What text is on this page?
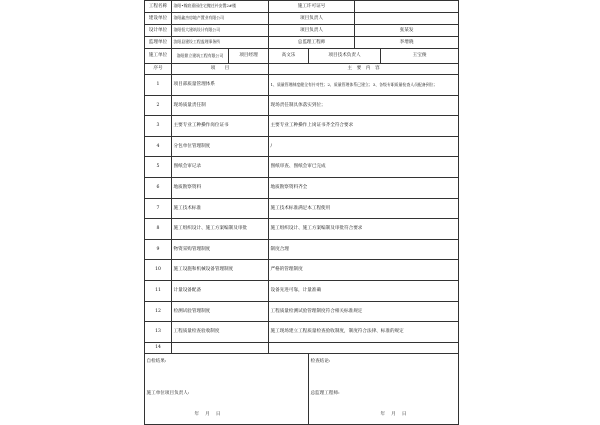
工程名称	洛阳•翰宸嘉园住宅搬迁补安置2#楼		施工许可证号			
建设单位	洛阳鑫杰房地产置业有限公司		项目负责人			
设计单位	洛阳恒大建筑设计有限公司		项目负责人		张某发	
监理单位	汝阳县建设工程监理事务所		总监理工程师		李增晓	
施工单位	洛阳鼎立建筑工程有限公司	项目经理	高文乐	项目技术负责人		王宝俊
序号	项　　目		主　要　内　容			
1	项目部质量管理体系		1、质量管理制度健全有针对性；2、质量管理体系已建立；3、各级专职质量检查人员配备到位；			
2	现场质量责任制		现场责任制具体落实到位；			
3	主要专业工种操作岗位证书		主要专业工种操作上岗证书齐全符合要求			
4	分包单位管理制度		/			
5	图纸会审记录		图纸审查、图纸会审已完成			
6	地质勘察资料		地质勘察资料齐全			
7	施工技术标准		施工技术标准满足本工程使用			
8	施工组织设计、施工方案编制及审批		施工组织设计、施工方案编制及审批符合要求			
9	物资采购管理制度		制度合理			
10	施工设施和机械设备管理制度		严格的管理制度			
11	计量设备配备		设备先进可靠，计量准确			
12	检测试验管理制度		工程质量检测试验管理制度符合相关标准规定			
13	工程质量检查验收制度		施工现场建立工程质量检查验收制度，制度符合法律、标准的规定			
14						

自检结果:
施工单位项目负责人:
年　 月　 日				检查结论:
总监理工程师:
年　 月　 日		
